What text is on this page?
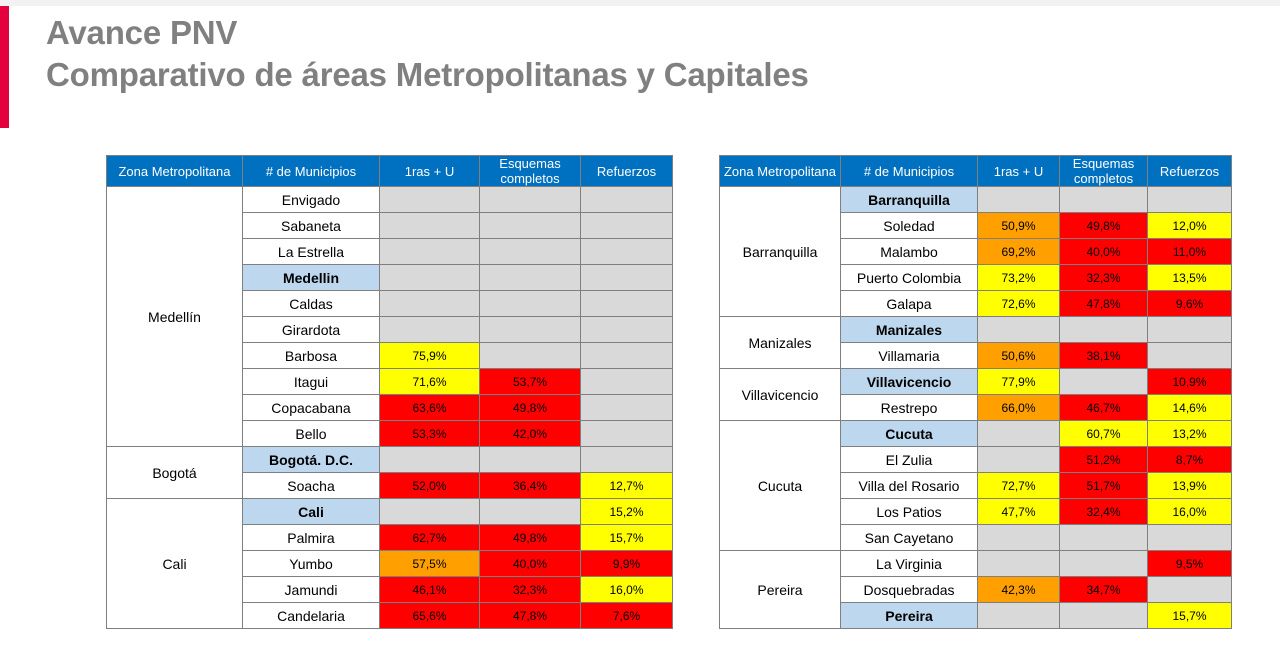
Avance PNV
Comparativo de áreas Metropolitanas y Capitales
Zona Metropolitana	# de Municipios	1ras + U	Esquemas completos	Refuerzos
Medellín	Envigado			
	Sabaneta			
	La Estrella			
	Medellin			
	Caldas			
	Girardota			
	Barbosa	75,9%		
	Itagui	71,6%	53,7%	
	Copacabana	63,6%	49,8%	
	Bello	53,3%	42,0%	
Bogotá	Bogotá. D.C.			
	Soacha	52,0%	36,4%	12,7%
Cali	Cali			15,2%
	Palmira	62,7%	49,8%	15,7%
	Yumbo	57,5%	40,0%	9,9%
	Jamundi	46,1%	32,3%	16,0%
	Candelaria	65,6%	47,8%	7,6%
Zona Metropolitana	# de Municipios	1ras + U	Esquemas completos	Refuerzos
Barranquilla	Barranquilla			
	Soledad	50,9%	49,8%	12,0%
	Malambo	69,2%	40,0%	11,0%
	Puerto Colombia	73,2%	32,3%	13,5%
	Galapa	72,6%	47,8%	9,6%
Manizales	Manizales			
	Villamaria	50,6%	38,1%	
Villavicencio	Villavicencio	77,9%		10,9%
	Restrepo	66,0%	46,7%	14,6%
Cucuta	Cucuta		60,7%	13,2%
	El Zulia		51,2%	8,7%
	Villa del Rosario	72,7%	51,7%	13,9%
	Los Patios	47,7%	32,4%	16,0%
	San Cayetano			
Pereira	La Virginia			9,5%
	Dosquebradas	42,3%	34,7%	
	Pereira			15,7%
